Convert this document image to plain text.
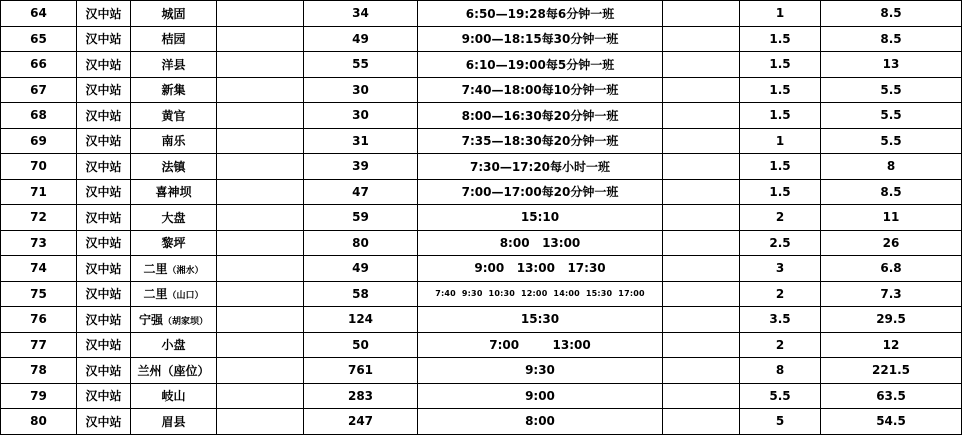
64	汉中站	城固		34	6:50—19:28每6分钟一班		1	8.5
65	汉中站	桔园		49	9:00—18:15每30分钟一班		1.5	8.5
66	汉中站	洋县		55	6:10—19:00每5分钟一班		1.5	13
67	汉中站	新集		30	7:40—18:00每10分钟一班		1.5	5.5
68	汉中站	黄官		30	8:00—16:30每20分钟一班		1.5	5.5
69	汉中站	南乐		31	7:35—18:30每20分钟一班		1	5.5
70	汉中站	法镇		39	7:30—17:20每小时一班		1.5	8
71	汉中站	喜神坝		47	7:00—17:00每20分钟一班		1.5	8.5
72	汉中站	大盘		59	15:10		2	11
73	汉中站	黎坪		80	8:00   13:00		2.5	26
74	汉中站	二里（湘水）		49	9:00   13:00   17:30		3	6.8
75	汉中站	二里（山口）		58	7:40  9:30  10:30  12:00  14:00  15:30  17:00		2	7.3
76	汉中站	宁强（胡家坝）		124	15:30		3.5	29.5
77	汉中站	小盘		50	7:00        13:00		2	12
78	汉中站	兰州（座位）		761	9:30		8	221.5
79	汉中站	岐山		283	9:00		5.5	63.5
80	汉中站	眉县		247	8:00		5	54.5
